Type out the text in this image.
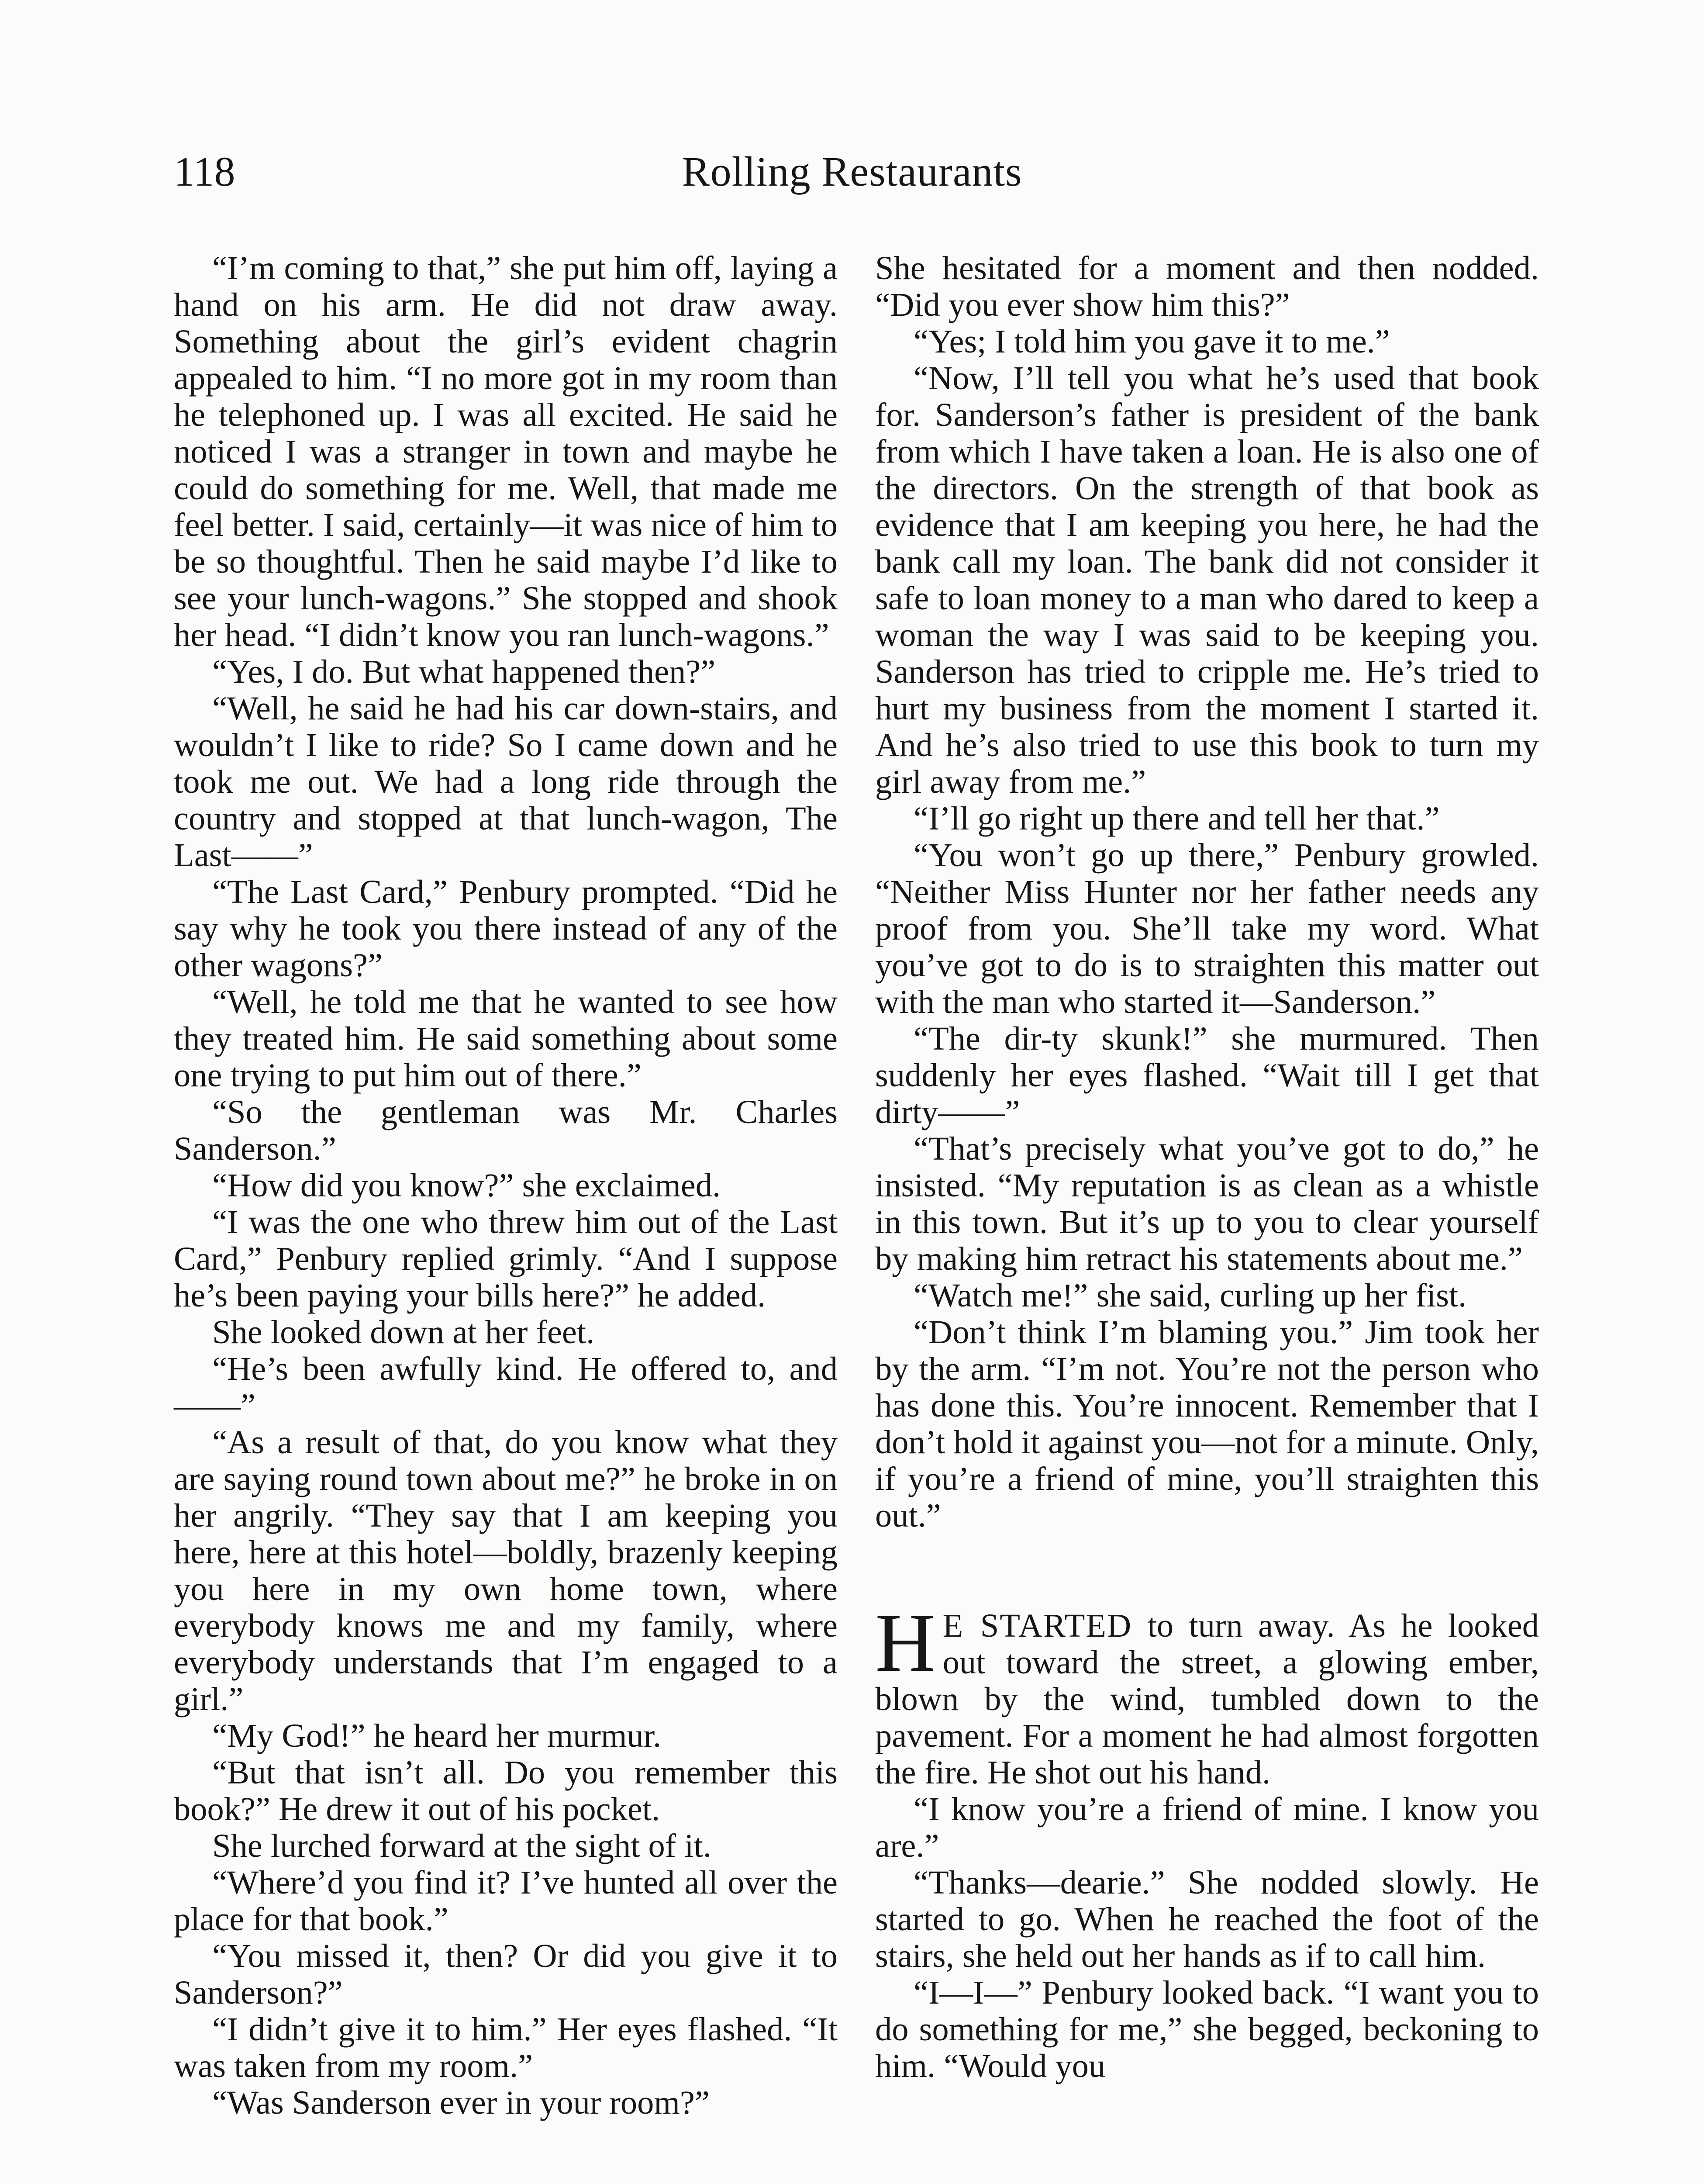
118	Rolling Restaurants

“I’m coming to that,” she put him off, laying a hand on his arm. He did not draw away. Something about the girl’s evident chagrin appealed to him. “I no more got in my room than he telephoned up. I was all excited. He said he noticed I was a stranger in town and maybe he could do something for me. Well, that made me feel better. I said, certainly—it was nice of him to be so thoughtful. Then he said maybe I’d like to see your lunch-wagons.” She stopped and shook her head. “I didn’t know you ran lunch-wagons.”

“Yes, I do. But what happened then?”

“Well, he said he had his car down-stairs, and wouldn’t I like to ride? So I came down and he took me out. We had a long ride through the country and stopped at that lunch-wagon, The Last——”

“The Last Card,” Penbury prompted. “Did he say why he took you there instead of any of the other wagons?”

“Well, he told me that he wanted to see how they treated him. He said something about some one trying to put him out of there.”

“So the gentleman was Mr. Charles Sanderson.”

“How did you know?” she exclaimed.

“I was the one who threw him out of the Last Card,” Penbury replied grimly. “And I suppose he’s been paying your bills here?” he added.

She looked down at her feet.

“He’s been awfully kind. He offered to, and——”

“As a result of that, do you know what they are saying round town about me?” he broke in on her angrily. “They say that I am keeping you here, here at this hotel—boldly, brazenly keeping you here in my own home town, where everybody knows me and my family, where everybody understands that I’m engaged to a girl.”

“My God!” he heard her murmur.

“But that isn’t all. Do you remember this book?” He drew it out of his pocket.

She lurched forward at the sight of it.

“Where’d you find it? I’ve hunted all over the place for that book.”

“You missed it, then? Or did you give it to Sanderson?”

“I didn’t give it to him.” Her eyes flashed. “It was taken from my room.”

“Was Sanderson ever in your room?”

She hesitated for a moment and then nodded. “Did you ever show him this?”

“Yes; I told him you gave it to me.”

“Now, I’ll tell you what he’s used that book for. Sanderson’s father is president of the bank from which I have taken a loan. He is also one of the directors. On the strength of that book as evidence that I am keeping you here, he had the bank call my loan. The bank did not consider it safe to loan money to a man who dared to keep a woman the way I was said to be keeping you. Sanderson has tried to cripple me. He’s tried to hurt my business from the moment I started it. And he’s also tried to use this book to turn my girl away from me.”

“I’ll go right up there and tell her that.”

“You won’t go up there,” Penbury growled. “Neither Miss Hunter nor her father needs any proof from you. She’ll take my word. What you’ve got to do is to straighten this matter out with the man who started it—Sanderson.”

“The dir-ty skunk!” she murmured. Then suddenly her eyes flashed. “Wait till I get that dirty——”

“That’s precisely what you’ve got to do,” he insisted. “My reputation is as clean as a whistle in this town. But it’s up to you to clear yourself by making him retract his statements about me.”

“Watch me!” she said, curling up her fist.

“Don’t think I’m blaming you.” Jim took her by the arm. “I’m not. You’re not the person who has done this. You’re innocent. Remember that I don’t hold it against you—not for a minute. Only, if you’re a friend of mine, you’ll straighten this out.”

H E STARTED to turn away. As he looked out toward the street, a glowing ember, blown by the wind, tumbled down to the pavement. For a moment he had almost forgotten the fire. He shot out his hand.

“I know you’re a friend of mine. I know you are.”

“Thanks—dearie.” She nodded slowly. He started to go. When he reached the foot of the stairs, she held out her hands as if to call him.

“I—I—” Penbury looked back. “I want you to do something for me,” she begged, beckoning to him. “Would you
